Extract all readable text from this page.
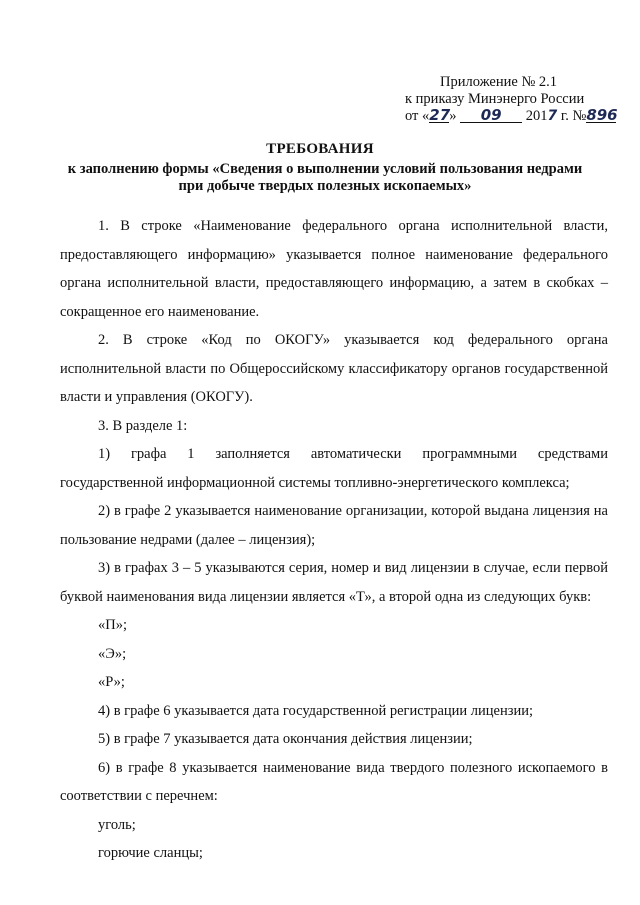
Приложение № 2.1
к приказу Минэнерго России
от «27» 09 2017 г. №896
ТРЕБОВАНИЯ
к заполнению формы «Сведения о выполнении условий пользования недрами при добыче твердых полезных ископаемых»

1. В строке «Наименование федерального органа исполнительной власти, предоставляющего информацию» указывается полное наименование федерального органа исполнительной власти, предоставляющего информацию, а затем в скобках – сокращенное его наименование.

2. В строке «Код по ОКОГУ» указывается код федерального органа исполнительной власти по Общероссийскому классификатору органов государственной власти и управления (ОКОГУ).

3. В разделе 1:

1) графа 1 заполняется автоматически программными средствами государственной информационной системы топливно-энергетического комплекса;

2) в графе 2 указывается наименование организации, которой выдана лицензия на пользование недрами (далее – лицензия);

3) в графах 3 – 5 указываются серия, номер и вид лицензии в случае, если первой буквой наименования вида лицензии является «Т», а второй одна из следующих букв:

«П»;

«Э»;

«Р»;

4) в графе 6 указывается дата государственной регистрации лицензии;

5) в графе 7 указывается дата окончания действия лицензии;

6) в графе 8 указывается наименование вида твердого полезного ископаемого в соответствии с перечнем:

уголь;

горючие сланцы;
